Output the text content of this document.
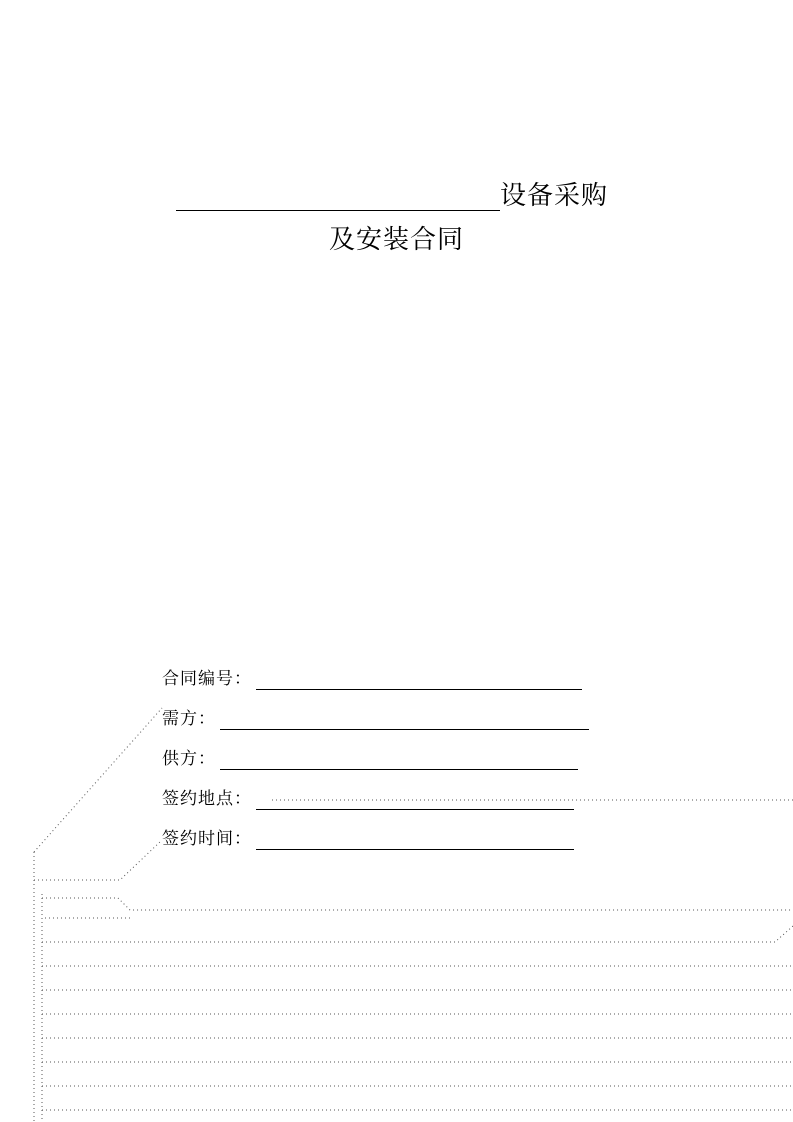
设备采购
及安装合同
合同编号：
需方：
供方：
签约地点：
签约时间：
